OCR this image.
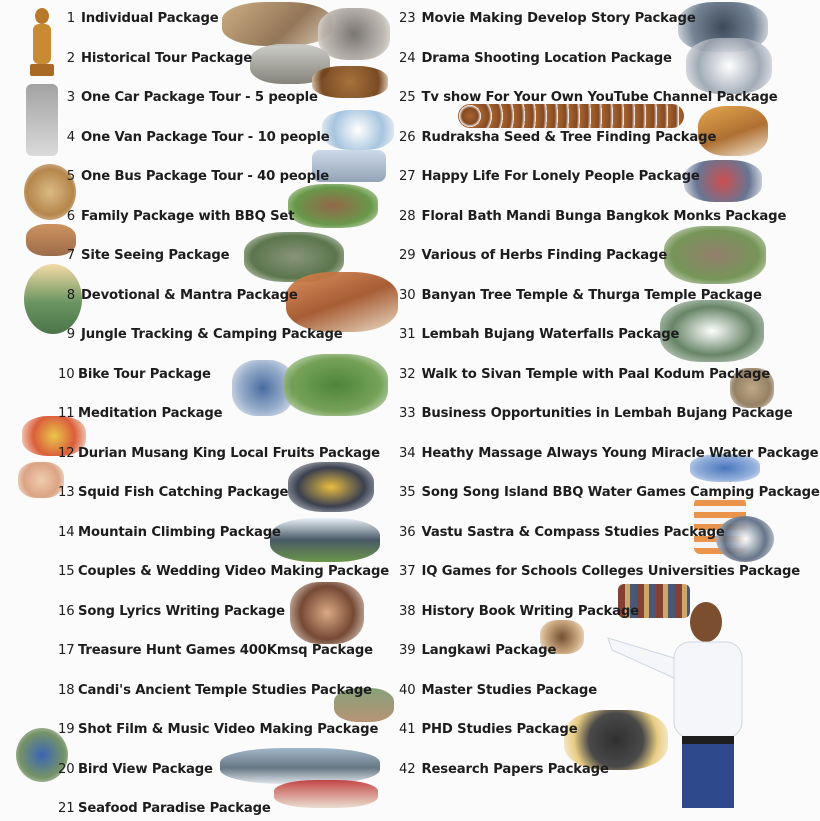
1 Individual Package
2 Historical Tour Package
3 One Car Package Tour - 5 people
4 One Van Package Tour - 10 people
5 One Bus Package Tour - 40 people
6 Family Package with BBQ Set
7 Site Seeing Package
8 Devotional & Mantra Package
9 Jungle Tracking & Camping Package
10 Bike Tour Package
11 Meditation Package
12 Durian Musang King Local Fruits Package
13 Squid Fish Catching Package
14 Mountain Climbing Package
15 Couples & Wedding Video Making Package
16 Song Lyrics Writing Package
17 Treasure Hunt Games 400Kmsq Package
18 Candi's Ancient Temple Studies Package
19 Shot Film & Music Video Making Package
20 Bird View Package
21 Seafood Paradise Package
23 Movie Making Develop Story Package
24 Drama Shooting Location Package
25 Tv show For Your Own YouTube Channel Package
26 Rudraksha Seed & Tree Finding Package
27 Happy Life For Lonely People Package
28 Floral Bath Mandi Bunga Bangkok Monks Package
29 Various of Herbs Finding Package
30 Banyan Tree Temple & Thurga Temple Package
31 Lembah Bujang Waterfalls Package
32 Walk to Sivan Temple with Paal Kodum Package
33 Business Opportunities in Lembah Bujang Package
34 Heathy Massage Always Young Miracle Water Package
35 Song Song Island BBQ Water Games Camping Package
36 Vastu Sastra & Compass Studies Package
37 IQ Games for Schools Colleges Universities Package
38 History Book Writing Package
39 Langkawi Package
40 Master Studies Package
41 PHD Studies Package
42 Research Papers Package
